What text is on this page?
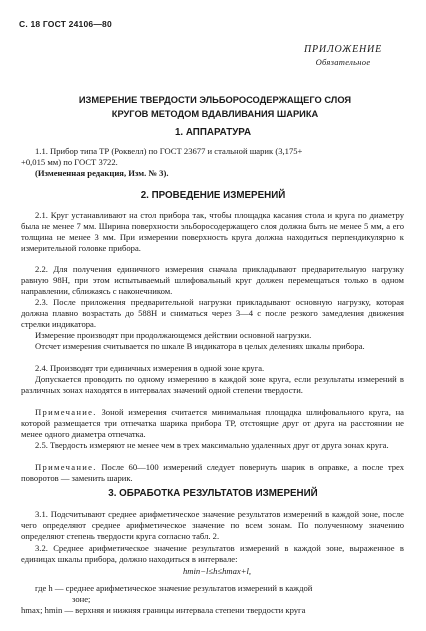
С. 18 ГОСТ 24106—80
ПРИЛОЖЕНИЕ
Обязательное
ИЗМЕРЕНИЕ ТВЕРДОСТИ ЭЛЬБОРОСОДЕРЖАЩЕГО СЛОЯ
КРУГОВ МЕТОДОМ ВДАВЛИВАНИЯ ШАРИКА
1. АППАРАТУРА

1.1. Прибор типа ТР (Роквелл) по ГОСТ 23677 и стальной шарик (3,175+

+0,015 мм) по ГОСТ 3722.

(Измененная редакция, Изм. № 3).

2. ПРОВЕДЕНИЕ ИЗМЕРЕНИЙ

2.1. Круг устанавливают на стол прибора так, чтобы площадка касания стола и круга по диаметру была не менее 7 мм. Ширина поверхности эльборосодержащего слоя должна быть не менее 5 мм, а его толщина не менее 3 мм. При измерении поверхность круга должна находиться перпендикулярно к измерительной головке прибора.

2.2. Для получения единичного измерения сначала прикладывают предварительную нагрузку равную 98Н, при этом испытываемый шлифовальный круг должен перемещаться только в одном направлении, сближаясь с наконечником.

2.3. После приложения предварительной нагрузки прикладывают основную нагрузку, которая должна плавно возрастать до 588Н и сниматься через 3—4 с после резкого замедления движения стрелки индикатора.

Измерение производят при продолжающемся действии основной нагрузки.

Отсчет измерения считывается по шкале В индикатора в целых делениях шкалы прибора.

2.4. Производят три единичных измерения в одной зоне круга.

Допускается проводить по одному измерению в каждой зоне круга, если результаты измерений в различных зонах находятся в интервалах значений одной степени твердости.

Примечание. Зоной измерения считается минимальная площадка шлифовального круга, на которой размещается три отпечатка шарика прибора ТР, отстоящие друг от друга на расстоянии не менее одного диаметра отпечатка.

2.5. Твердость измеряют не менее чем в трех максимально удаленных друг от друга зонах круга.

Примечание. После 60—100 измерений следует повернуть шарик в оправке, а после трех поворотов — заменить шарик.

3. ОБРАБОТКА РЕЗУЛЬТАТОВ ИЗМЕРЕНИЙ

3.1. Подсчитывают среднее арифметическое значение результатов измерений в каждой зоне, после чего определяют среднее арифметическое значение по всем зонам. По полученному значению определяют степень твердости круга согласно табл. 2.

3.2. Среднее арифметическое значение результатов измерений в каждой зоне, выраженное в единицах шкалы прибора, должно находиться в интервале:

hmin−l≤h≤hmax+l,
где h — среднее арифметическое значение результатов измерений в каждой
зоне;
hmax; hmin — верхняя и нижняя границы интервала степени твердости круга
